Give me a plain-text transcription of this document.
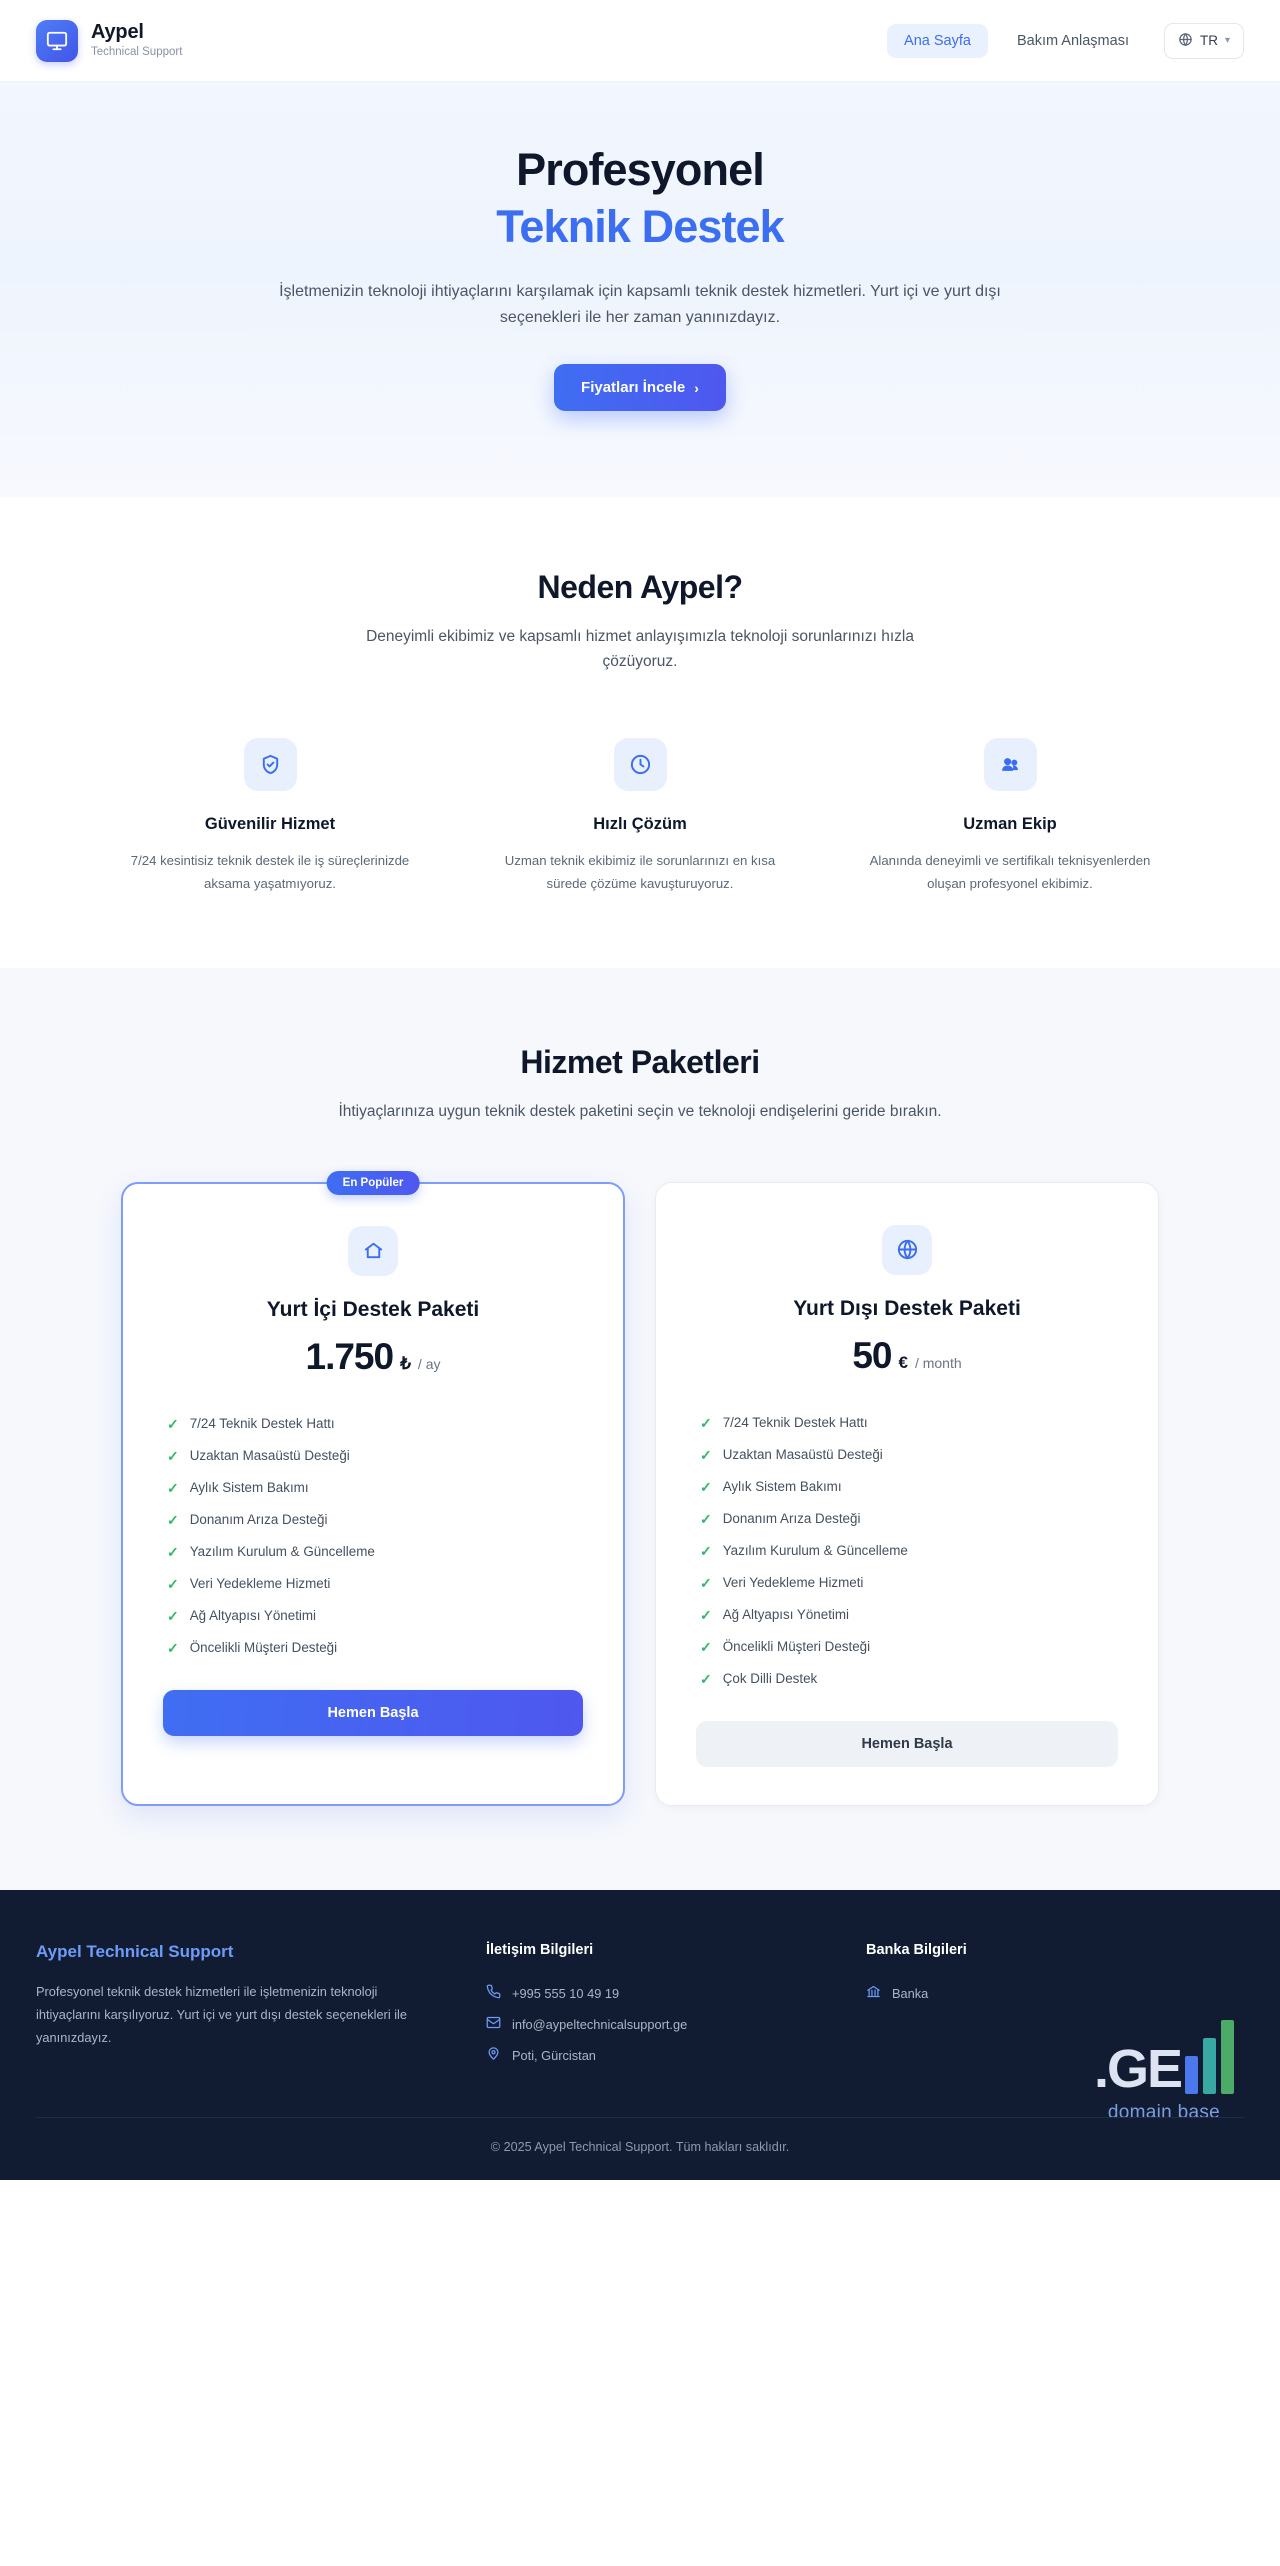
Aypel
Technical Support
Ana Sayfa	Bakım Anlaşması	TR ▾
Profesyonel
Teknik Destek

İşletmenizin teknoloji ihtiyaçlarını karşılamak için kapsamlı teknik destek hizmetleri. Yurt içi ve yurt dışı seçenekleri ile her zaman yanınızdayız.

Fiyatları İncele ›
Neden Aypel?

Deneyimli ekibimiz ve kapsamlı hizmet anlayışımızla teknoloji sorunlarınızı hızla çözüyoruz.

Güvenilir Hizmet

7/24 kesintisiz teknik destek ile iş süreçlerinizde aksama yaşatmıyoruz.

Hızlı Çözüm

Uzman teknik ekibimiz ile sorunlarınızı en kısa sürede çözüme kavuşturuyoruz.

Uzman Ekip

Alanında deneyimli ve sertifikalı teknisyenlerden oluşan profesyonel ekibimiz.

Hizmet Paketleri

İhtiyaçlarınıza uygun teknik destek paketini seçin ve teknoloji endişelerini geride bırakın.

En Popüler
Yurt İçi Destek Paketi
1.750 ₺ / ay
✓ 7/24 Teknik Destek Hattı
✓ Uzaktan Masaüstü Desteği
✓ Aylık Sistem Bakımı
✓ Donanım Arıza Desteği
✓ Yazılım Kurulum & Güncelleme
✓ Veri Yedekleme Hizmeti
✓ Ağ Altyapısı Yönetimi
✓ Öncelikli Müşteri Desteği
Hemen Başla
Yurt Dışı Destek Paketi
50 € / month
✓ 7/24 Teknik Destek Hattı
✓ Uzaktan Masaüstü Desteği
✓ Aylık Sistem Bakımı
✓ Donanım Arıza Desteği
✓ Yazılım Kurulum & Güncelleme
✓ Veri Yedekleme Hizmeti
✓ Ağ Altyapısı Yönetimi
✓ Öncelikli Müşteri Desteği
✓ Çok Dilli Destek
Hemen Başla
.GE
domain base
Aypel Technical Support

Profesyonel teknik destek hizmetleri ile işletmenizin teknoloji ihtiyaçlarını karşılıyoruz. Yurt içi ve yurt dışı destek seçenekleri ile yanınızdayız.

İletişim Bilgileri
+995 555 10 49 19
info@aypeltechnicalsupport.ge
Poti, Gürcistan
Banka Bilgileri
Banka
© 2025 Aypel Technical Support. Tüm hakları saklıdır.
